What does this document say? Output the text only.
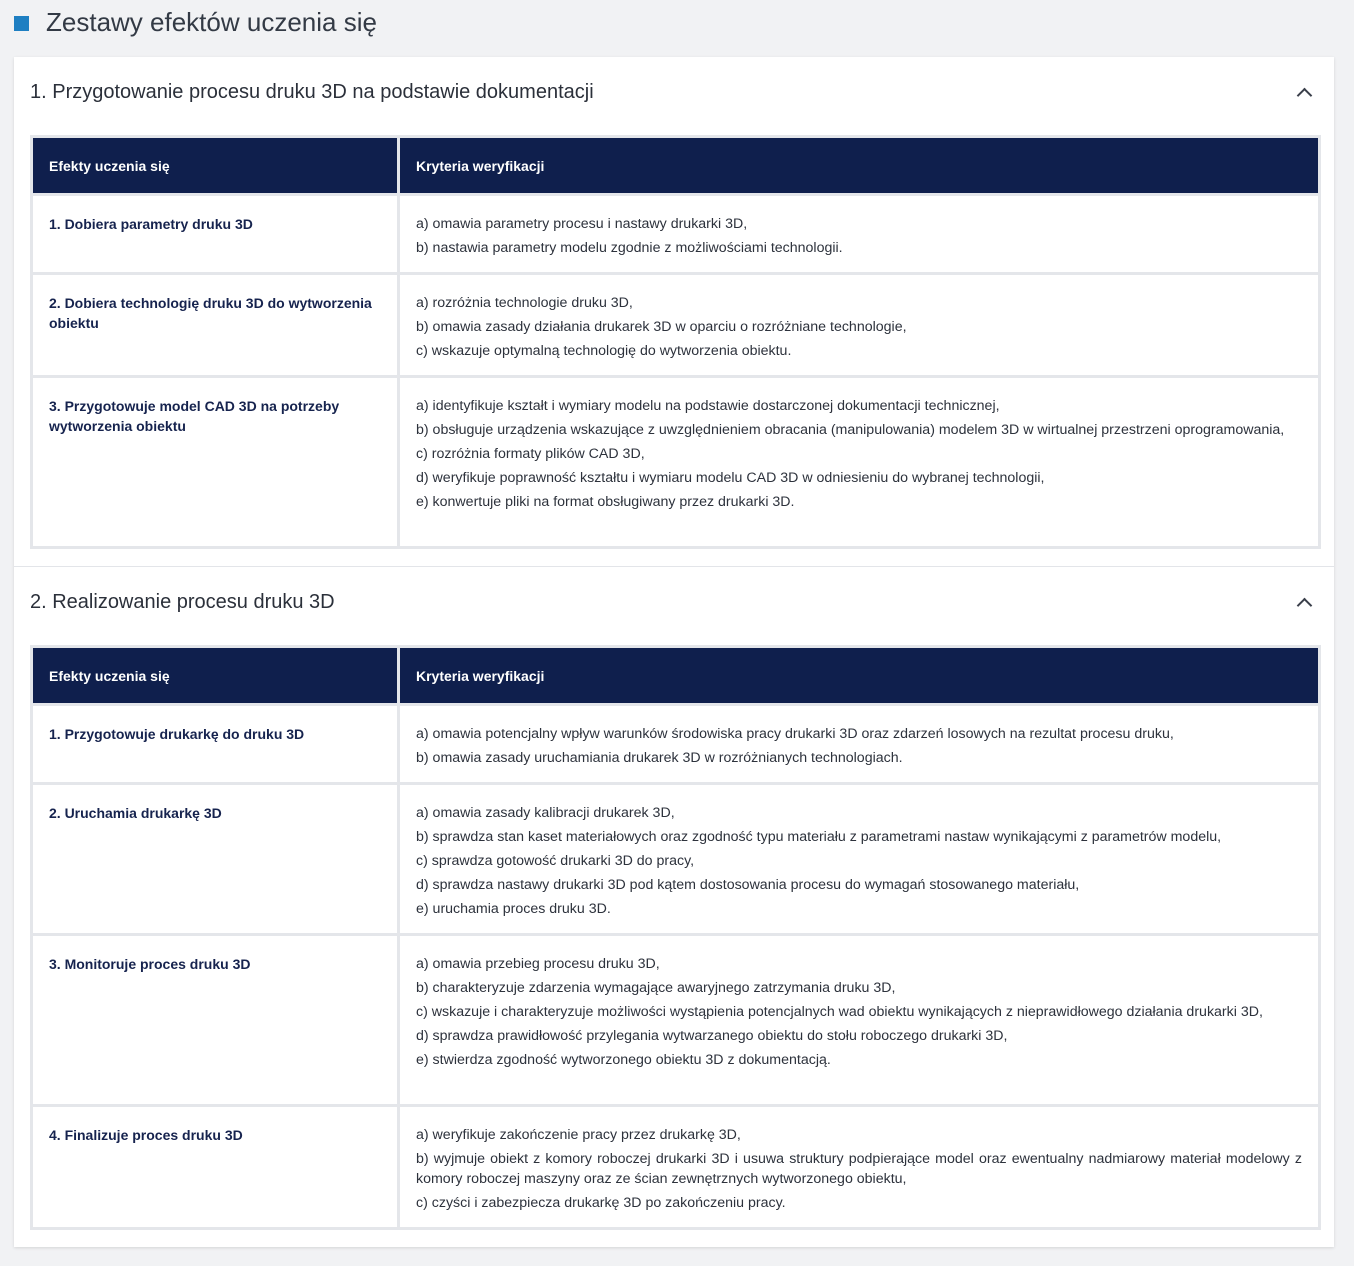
Zestawy efektów uczenia się
1. Przygotowanie procesu druku 3D na podstawie dokumentacji
Efekty uczenia się	Kryteria weryfikacji
1. Dobiera parametry druku 3D	a) omawia parametry procesu i nastawy drukarki 3D,
b) nastawia parametry modelu zgodnie z możliwościami technologii.

2. Dobiera technologię druku 3D do wytworzenia obiektu	a) rozróżnia technologie druku 3D,
b) omawia zasady działania drukarek 3D w oparciu o rozróżniane technologie,
c) wskazuje optymalną technologię do wytworzenia obiektu.

3. Przygotowuje model CAD 3D na potrzeby wytworzenia obiektu	a) identyfikuje kształt i wymiary modelu na podstawie dostarczonej dokumentacji technicznej,
b) obsługuje urządzenia wskazujące z uwzględnieniem obracania (manipulowania) modelem 3D w wirtualnej przestrzeni oprogramowania,
c) rozróżnia formaty plików CAD 3D,
d) weryfikuje poprawność kształtu i wymiaru modelu CAD 3D w odniesieniu do wybranej technologii,
e) konwertuje pliki na format obsługiwany przez drukarki 3D.
2. Realizowanie procesu druku 3D
Efekty uczenia się	Kryteria weryfikacji
1. Przygotowuje drukarkę do druku 3D	a) omawia potencjalny wpływ warunków środowiska pracy drukarki 3D oraz zdarzeń losowych na rezultat procesu druku,
b) omawia zasady uruchamiania drukarek 3D w rozróżnianych technologiach.

2. Uruchamia drukarkę 3D	a) omawia zasady kalibracji drukarek 3D,
b) sprawdza stan kaset materiałowych oraz zgodność typu materiału z parametrami nastaw wynikającymi z parametrów modelu,
c) sprawdza gotowość drukarki 3D do pracy,
d) sprawdza nastawy drukarki 3D pod kątem dostosowania procesu do wymagań stosowanego materiału,
e) uruchamia proces druku 3D.

3. Monitoruje proces druku 3D	a) omawia przebieg procesu druku 3D,
b) charakteryzuje zdarzenia wymagające awaryjnego zatrzymania druku 3D,
c) wskazuje i charakteryzuje możliwości wystąpienia potencjalnych wad obiektu wynikających z nieprawidłowego działania drukarki 3D,
d) sprawdza prawidłowość przylegania wytwarzanego obiektu do stołu roboczego drukarki 3D,
e) stwierdza zgodność wytworzonego obiektu 3D z dokumentacją.

4. Finalizuje proces druku 3D	a) weryfikuje zakończenie pracy przez drukarkę 3D,
b) wyjmuje obiekt z komory roboczej drukarki 3D i usuwa struktury podpierające model oraz ewentualny nadmiarowy materiał modelowy z komory roboczej maszyny oraz ze ścian zewnętrznych wytworzonego obiektu,
c) czyści i zabezpiecza drukarkę 3D po zakończeniu pracy.
